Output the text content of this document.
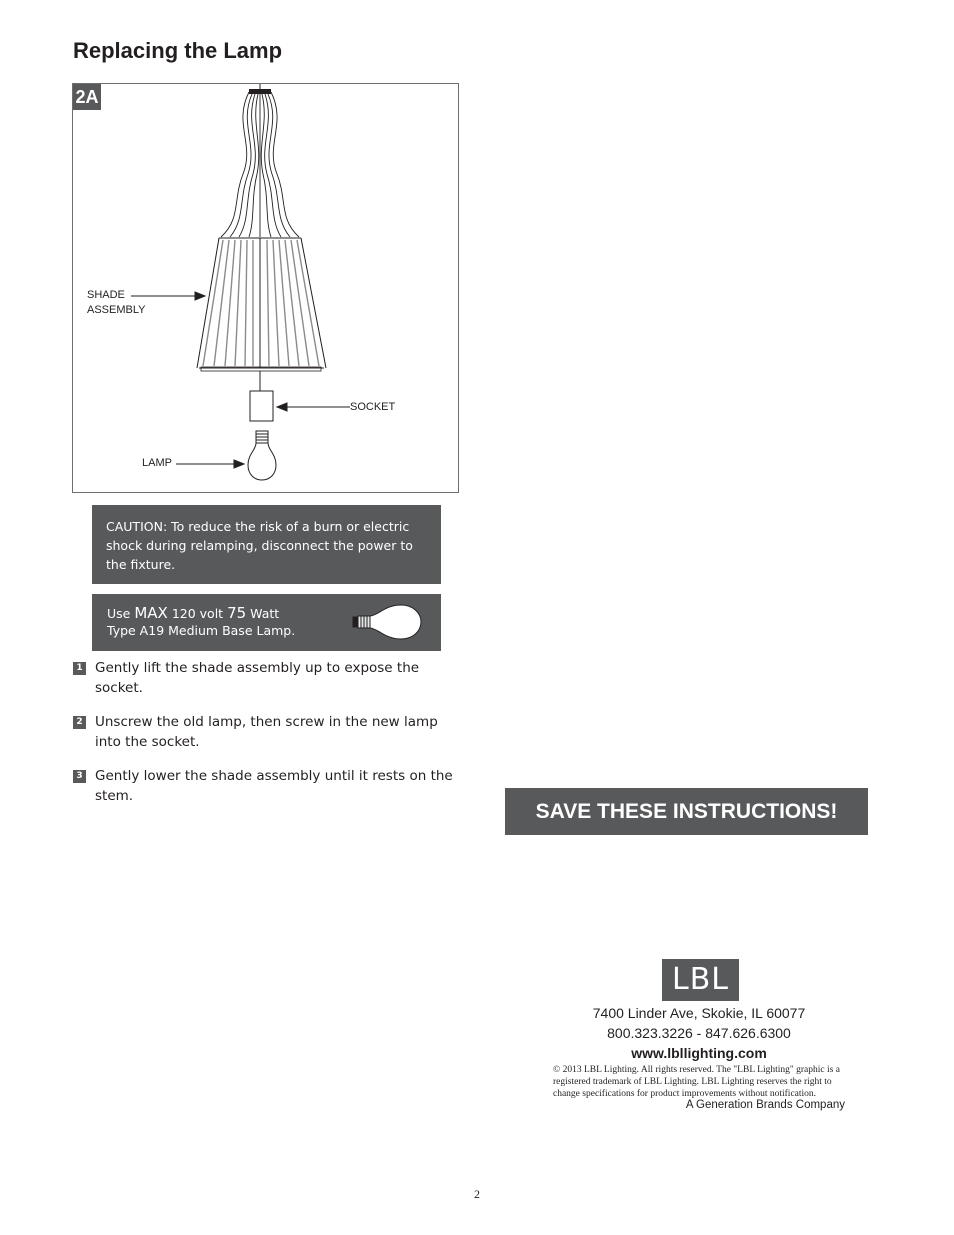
Replacing the Lamp
2A
SHADE
ASSEMBLY
SOCKET
LAMP
CAUTION: To reduce the risk of a burn or electric shock during relamping, disconnect the power to the fixture.
Use MAX 120 volt 75 Watt
Type A19 Medium Base Lamp.
1 Gently lift the shade assembly up to expose the socket.
2 Unscrew the old lamp, then screw in the new lamp into the socket.
3 Gently lower the shade assembly until it rests on the stem.
SAVE THESE INSTRUCTIONS!
LBL
7400 Linder Ave, Skokie, IL 60077
800.323.3226 - 847.626.6300
www.lbllighting.com
© 2013 LBL Lighting. All rights reserved. The "LBL Lighting" graphic is a registered trademark of LBL Lighting. LBL Lighting reserves the right to change specifications for product improvements without notification.
A Generation Brands Company
2
